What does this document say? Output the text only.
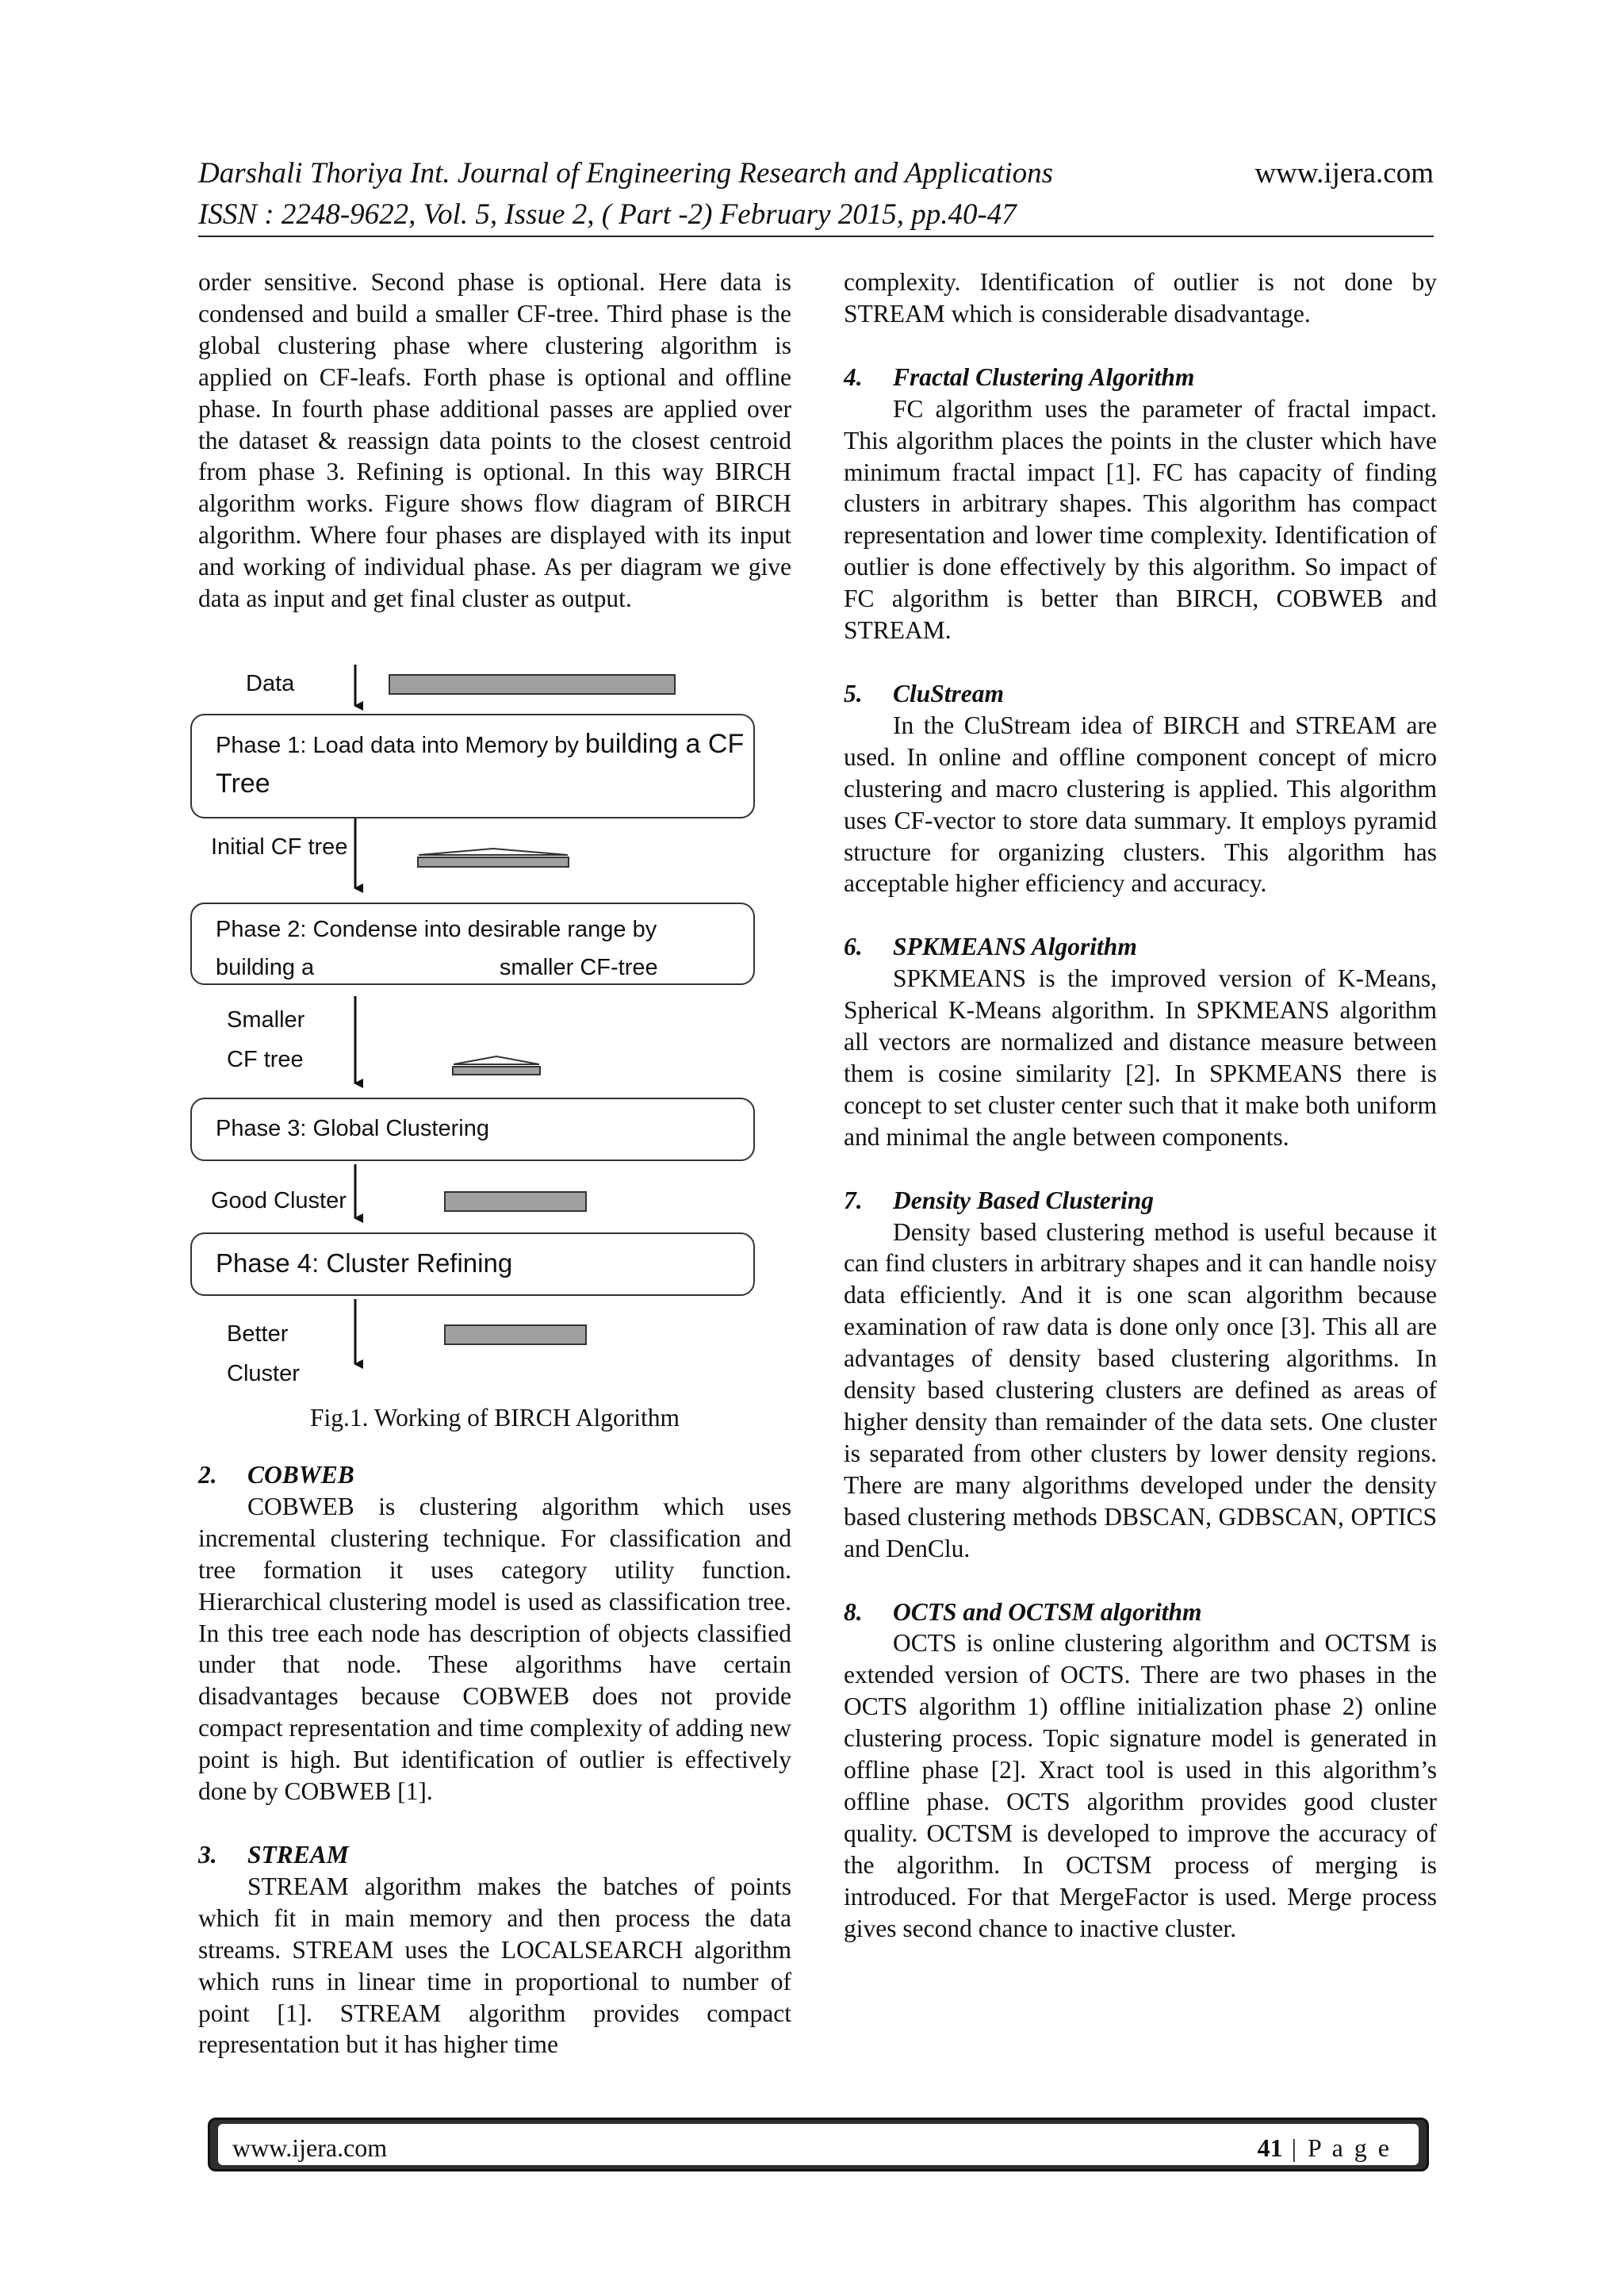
Darshali Thoriya Int. Journal of Engineering Research and Applications	www.ijera.com
ISSN : 2248-9622, Vol. 5, Issue 2, ( Part -2) February 2015, pp.40-47

order sensitive. Second phase is optional. Here data is condensed and build a smaller CF-tree. Third phase is the global clustering phase where clustering algorithm is applied on CF-leafs. Forth phase is optional and offline phase. In fourth phase additional passes are applied over the dataset & reassign data points to the closest centroid from phase 3. Refining is optional. In this way BIRCH algorithm works. Figure shows flow diagram of BIRCH algorithm. Where four phases are displayed with its input and working of individual phase. As per diagram we give data as input and get final cluster as output.

Data
Phase 1: Load data into Memory by building a CF Tree
Initial CF tree
Phase 2: Condense into desirable range by
building a                             smaller CF-tree
Smaller
CF tree
Phase 3: Global Clustering
Good Cluster
Phase 4: Cluster Refining
Better
Cluster
Fig.1. Working of BIRCH Algorithm

2. COBWEB

COBWEB is clustering algorithm which uses incremental clustering technique. For classification and tree formation it uses category utility function. Hierarchical clustering model is used as classification tree. In this tree each node has description of objects classified under that node. These algorithms have certain disadvantages because COBWEB does not provide compact representation and time complexity of adding new point is high. But identification of outlier is effectively done by COBWEB [1].

3. STREAM

STREAM algorithm makes the batches of points which fit in main memory and then process the data streams. STREAM uses the LOCALSEARCH algorithm which runs in linear time in proportional to number of point [1]. STREAM algorithm provides compact representation but it has higher time

complexity. Identification of outlier is not done by STREAM which is considerable disadvantage.

4. Fractal Clustering Algorithm

FC algorithm uses the parameter of fractal impact. This algorithm places the points in the cluster which have minimum fractal impact [1]. FC has capacity of finding clusters in arbitrary shapes. This algorithm has compact representation and lower time complexity. Identification of outlier is done effectively by this algorithm. So impact of FC algorithm is better than BIRCH, COBWEB and STREAM.

5. CluStream

In the CluStream idea of BIRCH and STREAM are used. In online and offline component concept of micro clustering and macro clustering is applied. This algorithm uses CF-vector to store data summary. It employs pyramid structure for organizing clusters. This algorithm has acceptable higher efficiency and accuracy.

6. SPKMEANS Algorithm

SPKMEANS is the improved version of K-Means, Spherical K-Means algorithm. In SPKMEANS algorithm all vectors are normalized and distance measure between them is cosine similarity [2]. In SPKMEANS there is concept to set cluster center such that it make both uniform and minimal the angle between components.

7. Density Based Clustering

Density based clustering method is useful because it can find clusters in arbitrary shapes and it can handle noisy data efficiently. And it is one scan algorithm because examination of raw data is done only once [3]. This all are advantages of density based clustering algorithms. In density based clustering clusters are defined as areas of higher density than remainder of the data sets. One cluster is separated from other clusters by lower density regions. There are many algorithms developed under the density based clustering methods DBSCAN, GDBSCAN, OPTICS and DenClu.

8. OCTS and OCTSM algorithm

OCTS is online clustering algorithm and OCTSM is extended version of OCTS. There are two phases in the OCTS algorithm 1) offline initialization phase 2) online clustering process. Topic signature model is generated in offline phase [2]. Xract tool is used in this algorithm’s offline phase. OCTS algorithm provides good cluster quality. OCTSM is developed to improve the accuracy of the algorithm. In OCTSM process of merging is introduced. For that MergeFactor is used. Merge process gives second chance to inactive cluster.

www.ijera.com	41 | P a g e
